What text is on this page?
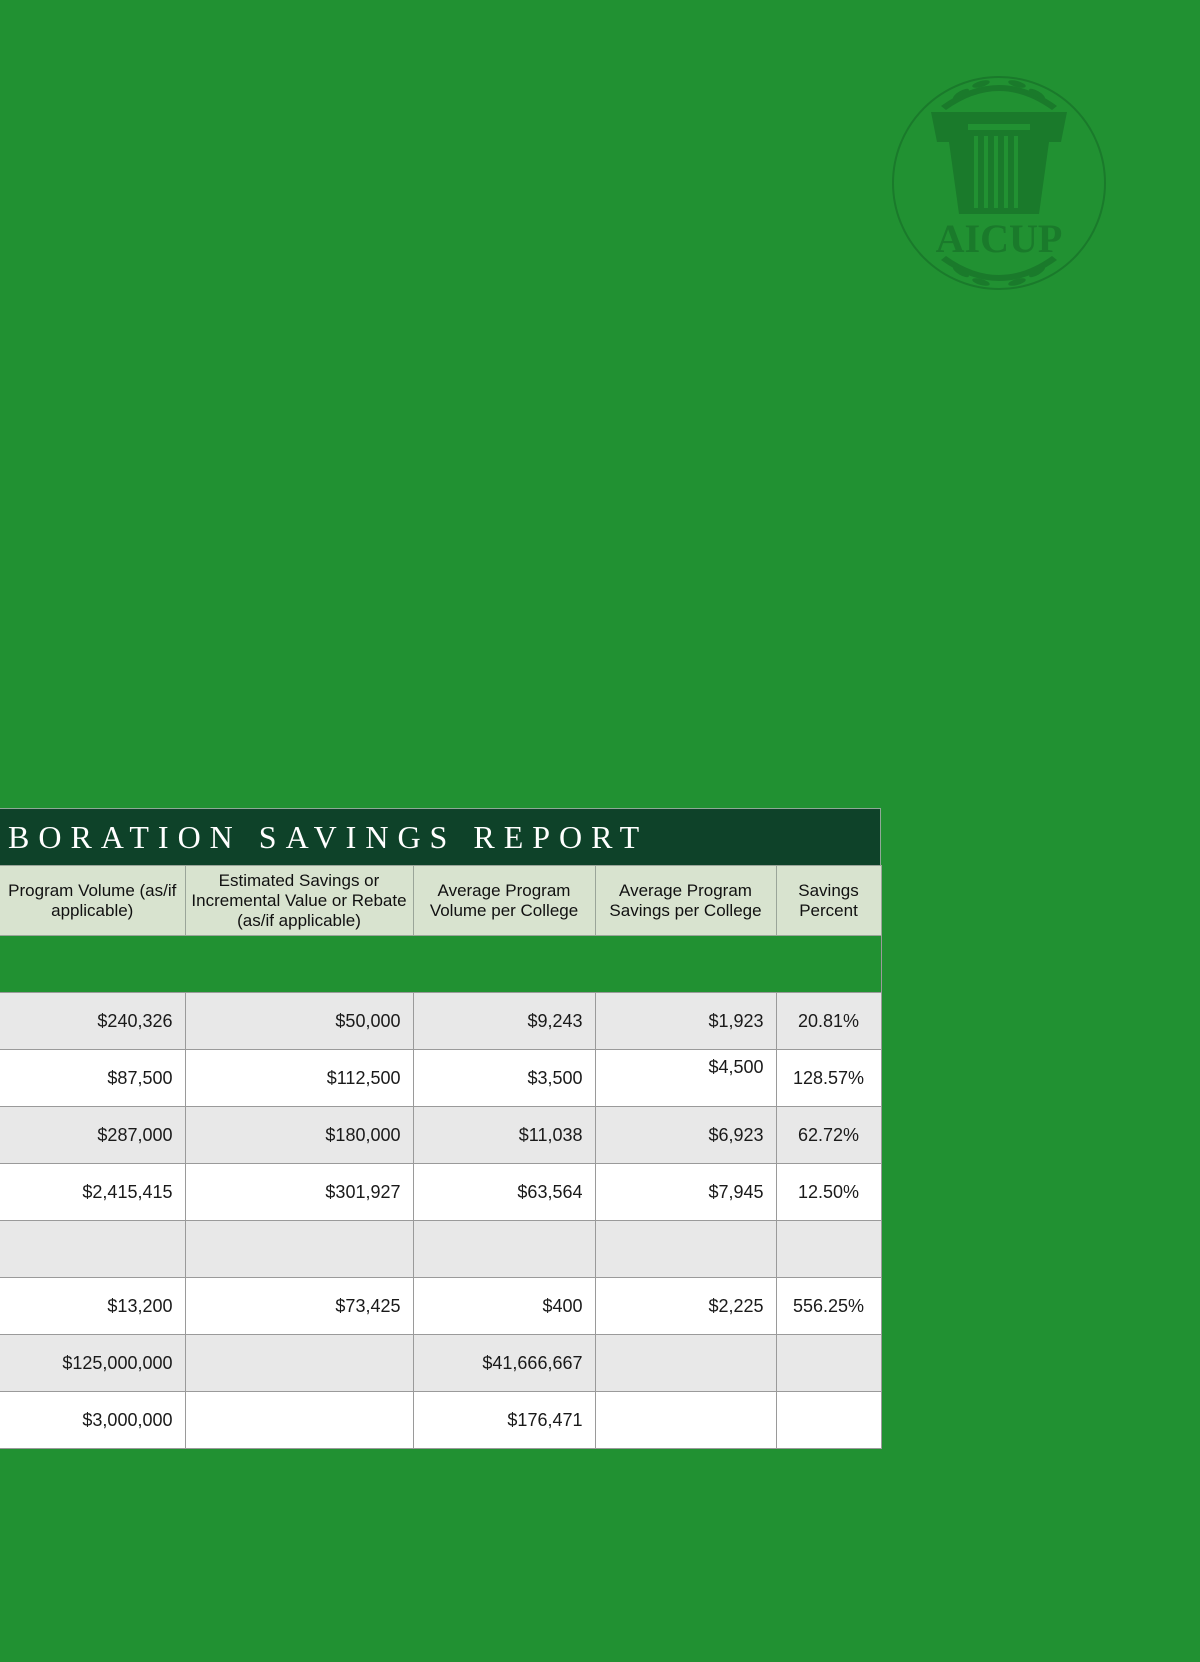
AICUP
BORATION SAVINGS REPORT
Program Volume (as/if applicable)	Estimated Savings or Incremental Value or Rebate (as/if applicable)	Average Program Volume per College	Average Program Savings per College	Savings Percent

$240,326	$50,000	$9,243	$1,923	20.81%
$87,500	$112,500	$3,500	$4,500	128.57%
$287,000	$180,000	$11,038	$6,923	62.72%
$2,415,415	$301,927	$63,564	$7,945	12.50%

$13,200	$73,425	$400	$2,225	556.25%
$125,000,000		$41,666,667		
$3,000,000		$176,471		
